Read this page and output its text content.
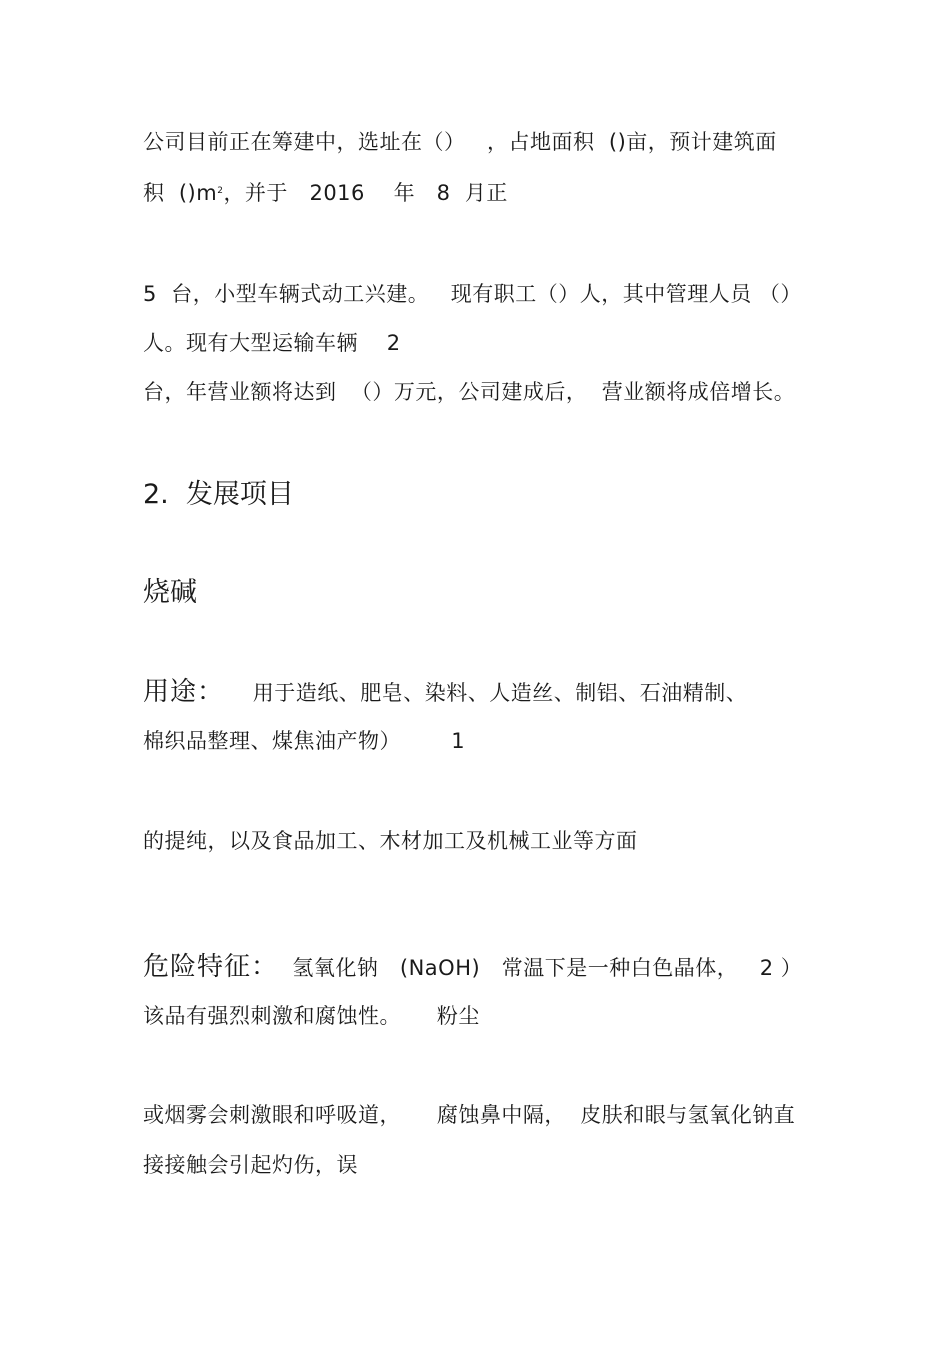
公司目前正在筹建中，选址在（）   ，占地面积  ()亩，预计建筑面
积  $()m^2$，并于   2016    年   8  月正
5  台，小型车辆式动工兴建。   现有职工（）人，其中管理人员 （）
人。现有大型运输车辆    2
台，年营业额将达到  （）万元，公司建成后，  营业额将成倍增长。
2.  发展项目
烧碱
用途：    用于造纸、肥皂、染料、人造丝、制铝、石油精制、
棉织品整理、煤焦油产物）       1
的提纯，以及食品加工、木材加工及机械工业等方面
危险特征：  氢氧化钠   (NaOH)   常温下是一种白色晶体，   2 ）
该品有强烈刺激和腐蚀性。     粉尘
或烟雾会刺激眼和呼吸道，     腐蚀鼻中隔，  皮肤和眼与氢氧化钠直
接接触会引起灼伤，误
